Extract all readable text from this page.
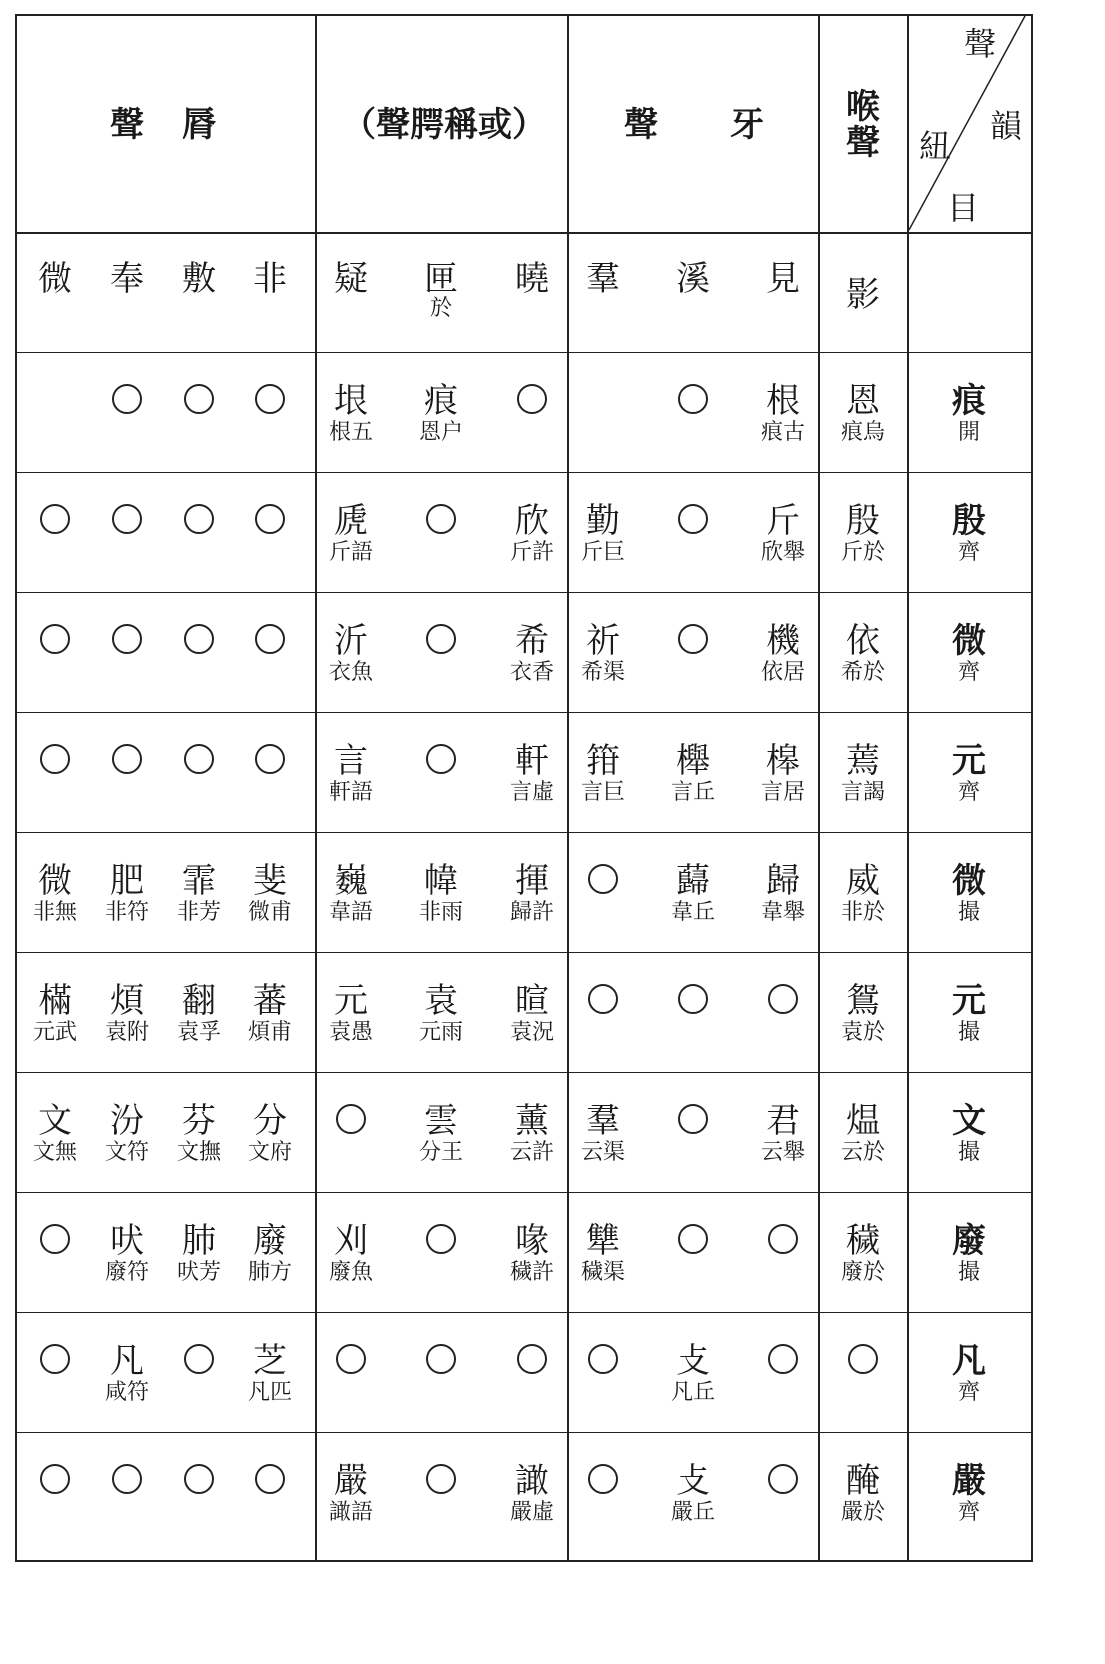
聲　脣	（聲腭稱或） 聲 牙 喉
聲
聲
韻
紐
目
微 奉 敷 非 疑 匣
於
曉 羣 溪 見 影
垠
根五
痕
恩户
根
痕古
恩
痕烏
痕
開
虒
斤語
欣
斤許
勤
斤巨
斤
欣舉
殷
斤於
殷
齊
沂
衣魚
希
衣香
祈
希渠
機
依居
依
希於
微
齊
言
軒語
軒
言虛
箝
言巨
櫸
言丘
槔
言居
蔫
言謁
元
齊
微
非無
肥
非符
霏
非芳
斐
微甫
巍
韋語
幃
非雨
揮
歸許
蘬
韋丘
歸
韋舉
威
非於
微
撮
樠
元武
煩
袁附
翻
袁孚
蕃
煩甫
元
袁愚
袁
元雨
暄
袁況
鴛
袁於
元
撮
文
文無
汾
文符
芬
文撫
分
文府
雲
分王
薰
云許
羣
云渠
君
云舉
煴
云於
文
撮
吠
廢符
肺
吠芳
廢
肺方
刈
廢魚
喙
穢許
犨
穢渠
穢
廢於
廢
撮
凡
咸符
芝
凡匹
攴
凡丘
凡
齊
嚴
譀語
譀
嚴虛
攴
嚴丘
醃
嚴於
嚴
齊
